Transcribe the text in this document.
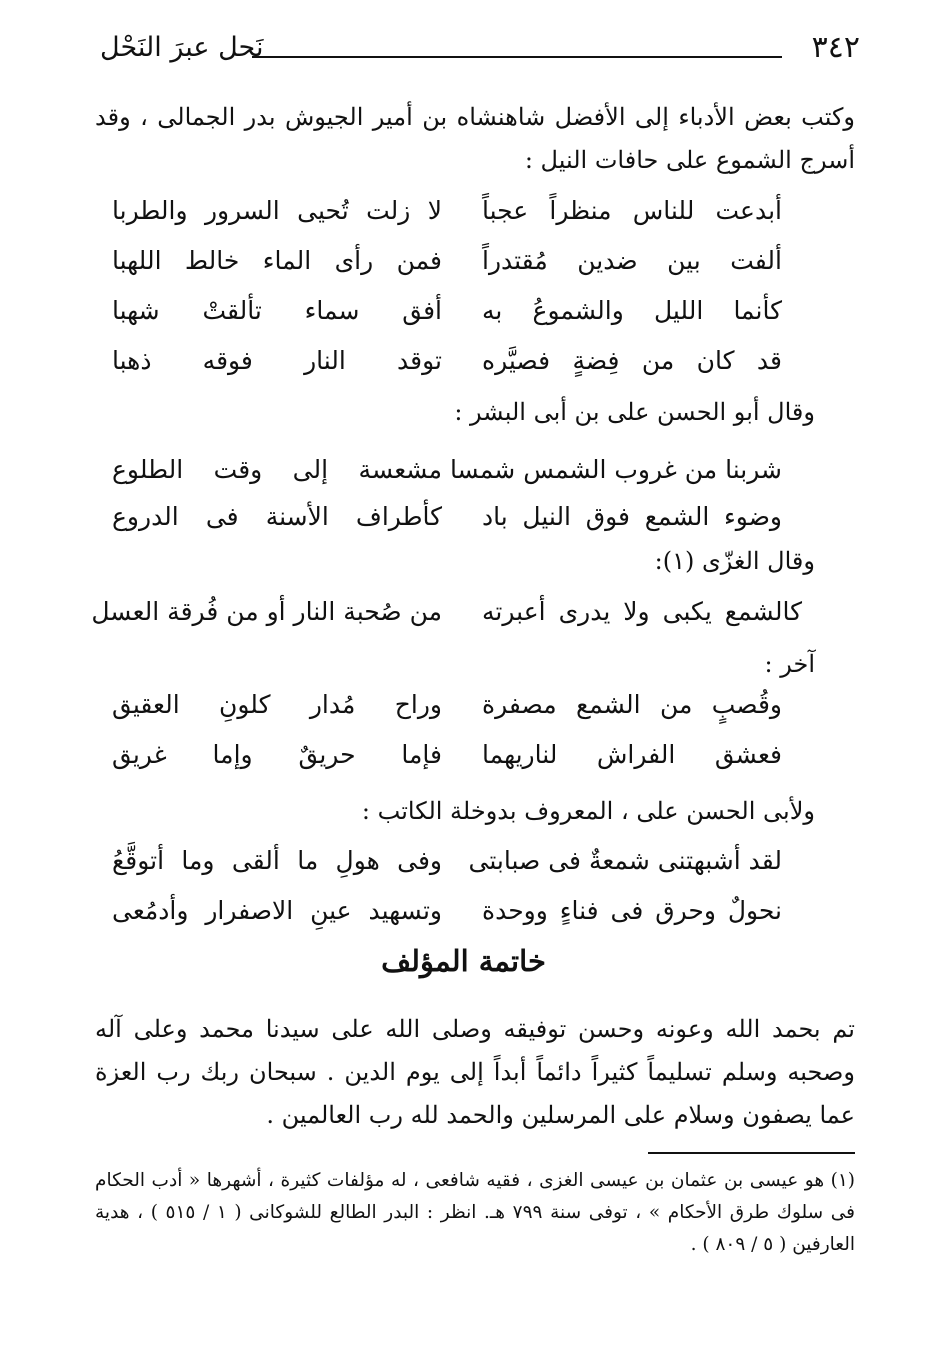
٣٤٢
نَحل عبرَ النَحْل

وكتب بعض الأدباء إلى الأفضل شاهنشاه بن أمير الجيوش بدر الجمالى ، وقد أسرج الشموع على حافات النيل :

أبدعت للناس منظراً عجباً
لا زلت تُحيى السرور والطربا
ألفت بين ضدين مُقتدراً
فمن رأى الماء خالط اللهبا
كأنما الليل والشموعُ به
أفق سماء تألقتْ شهبا
قد كان من فِضةٍ فصيَّره
توقد النار فوقه ذهبا
وقال أبو الحسن على بن أبى البشر :
شربنا من غروب الشمس شمسا
مشعسة إلى وقت الطلوع
وضوء الشمع فوق النيل باد
كأطراف الأسنة فى الدروع
وقال الغزّى (١):
كالشمع يكبى ولا يدرى أعبرته
من صُحبة النار أو من فُرقة العسل
آخر :
وقُصبٍ من الشمع مصفرة
وراح مُدار كلونِ العقيق
فعشق الفراش لناريهما
فإما حريقٌ وإما غريق
ولأبى الحسن على ، المعروف بدوخلة الكاتب :
لقد أشبهتنى شمعةٌ فى صبابتى
وفى هولِ ما ألقى وما أتوقَّعُ
نحولٌ وحرق فى فناءٍ ووحدة
وتسهيد عينِ الاصفرار وأدمُعى
خاتمة المؤلف

تم بحمد الله وعونه وحسن توفيقه وصلى الله على سيدنا محمد وعلى آله وصحبه وسلم تسليماً كثيراً دائماً أبداً إلى يوم الدين . سبحان ربك رب العزة عما يصفون وسلام على المرسلين والحمد لله رب العالمين .

(١) هو عيسى بن عثمان بن عيسى الغزى ، فقيه شافعى ، له مؤلفات كثيرة ، أشهرها « أدب الحكام فى سلوك طرق الأحكام » ، توفى سنة ٧٩٩ هـ. انظر : البدر الطالع للشوكانى ( ١ / ٥١٥ ) ، هدية العارفين ( ٥ / ٨٠٩ ) .
